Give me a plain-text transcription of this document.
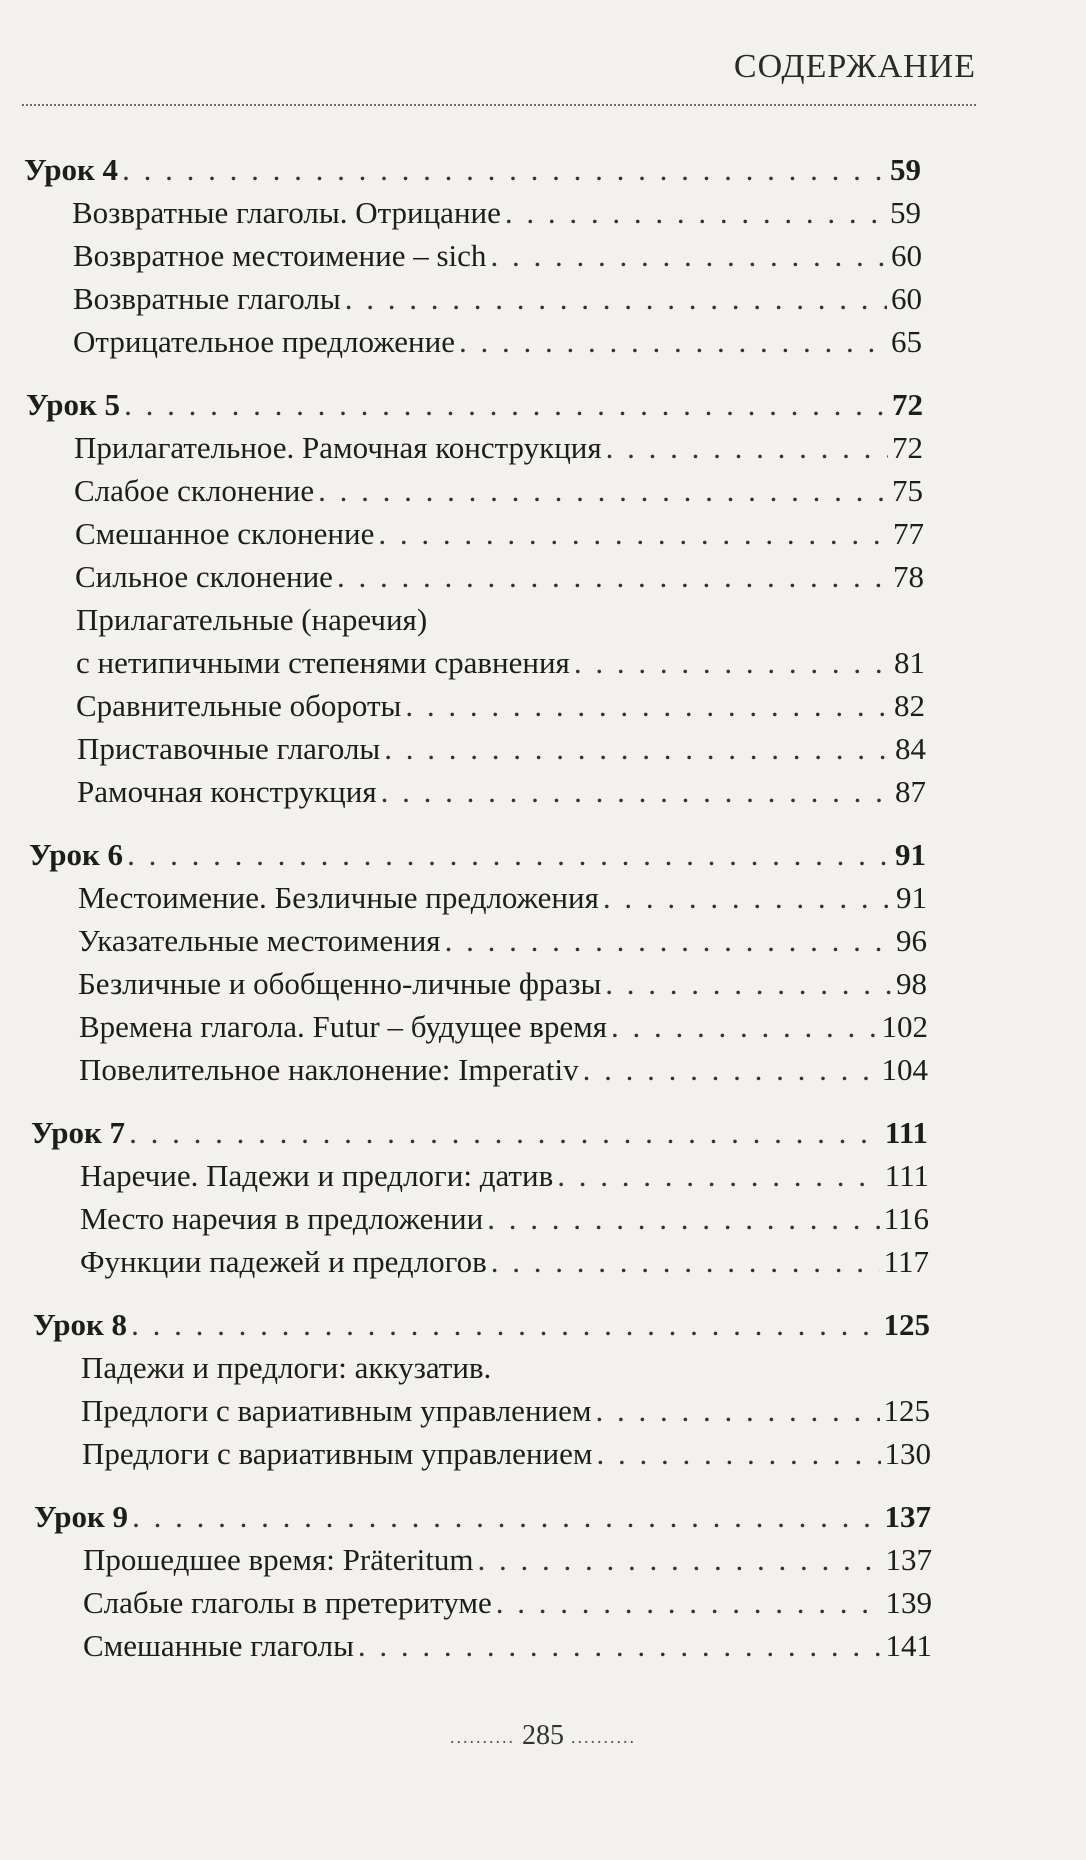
СОДЕРЖАНИЕ
Урок 4 . . .	59
Возвратные глаголы. Отрицание . . .	59
Возвратное местоимение – sich . . .	60
Возвратные глаголы . . .	60
Отрицательное предложение . . .	65
Урок 5 . . .	72
Прилагательное. Рамочная конструкция . . .	72
Слабое склонение . . .	75
Смешанное склонение . . .	77
Сильное склонение . . .	78
Прилагательные (наречия)
с нетипичными степенями сравнения . . .	81
Сравнительные обороты . . .	82
Приставочные глаголы . . .	84
Рамочная конструкция . . .	87
Урок 6 . . .	91
Местоимение. Безличные предложения . . .	91
Указательные местоимения . . .	96
Безличные и обобщенно-личные фразы . . .	98
Времена глагола. Futur – будущее время . . .	102
Повелительное наклонение: Imperativ . . .	104
Урок 7 . . .	111
Наречие. Падежи и предлоги: датив . . .	111
Место наречия в предложении . . .	116
Функции падежей и предлогов . . .	117
Урок 8 . . .	125
Падежи и предлоги: аккузатив.
Предлоги с вариативным управлением . . .	125
Предлоги с вариативным управлением . . .	130
Урок 9 . . .	137
Прошедшее время: Präteritum . . .	137
Слабые глаголы в претеритуме . . .	139
Смешанные глаголы . . .	141
.......... 285 ..........
